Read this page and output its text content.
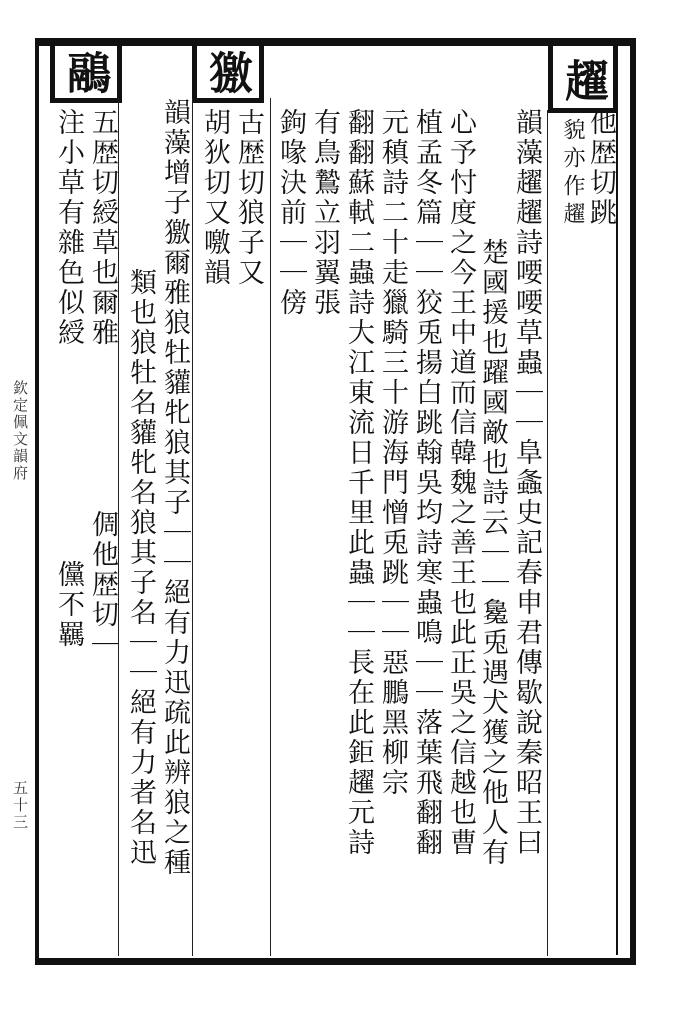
趯
獥
鷊
他歴切跳
貌亦作趯
韻藻趯趯詩喓喓草蟲｜｜阜螽史記春申君傳歇說秦昭王曰
楚國援也躍國敵也詩云｜｜毚兎遇犬獲之他人有
心予忖度之今王中道而信韓魏之善王也此正吳之信越也曹
植孟冬篇｜｜狡兎揚白跳翰吳均詩寒蟲鳴｜｜落葉飛翻翻
元稹詩二十走獵騎三十游海門憎兎跳｜｜惡鵬黑柳宗
翻翻蘇軾二蟲詩大江東流日千里此蟲｜｜長在此鉅趯元詩
有鳥鷙立羽翼張
鉤喙決前｜｜傍
古歴切狼子又
胡狄切又噭韻
韻藻增子獥爾雅狼牡貛牝狼其子｜｜絕有力迅疏此辨狼之種
類也狼牡名貛牝名狼其子名｜｜絕有力者名迅
五歴切綬草也爾雅
注小草有雜色似綬
倜他歴切｜
儻不羈
欽定佩文韻府
五十三
